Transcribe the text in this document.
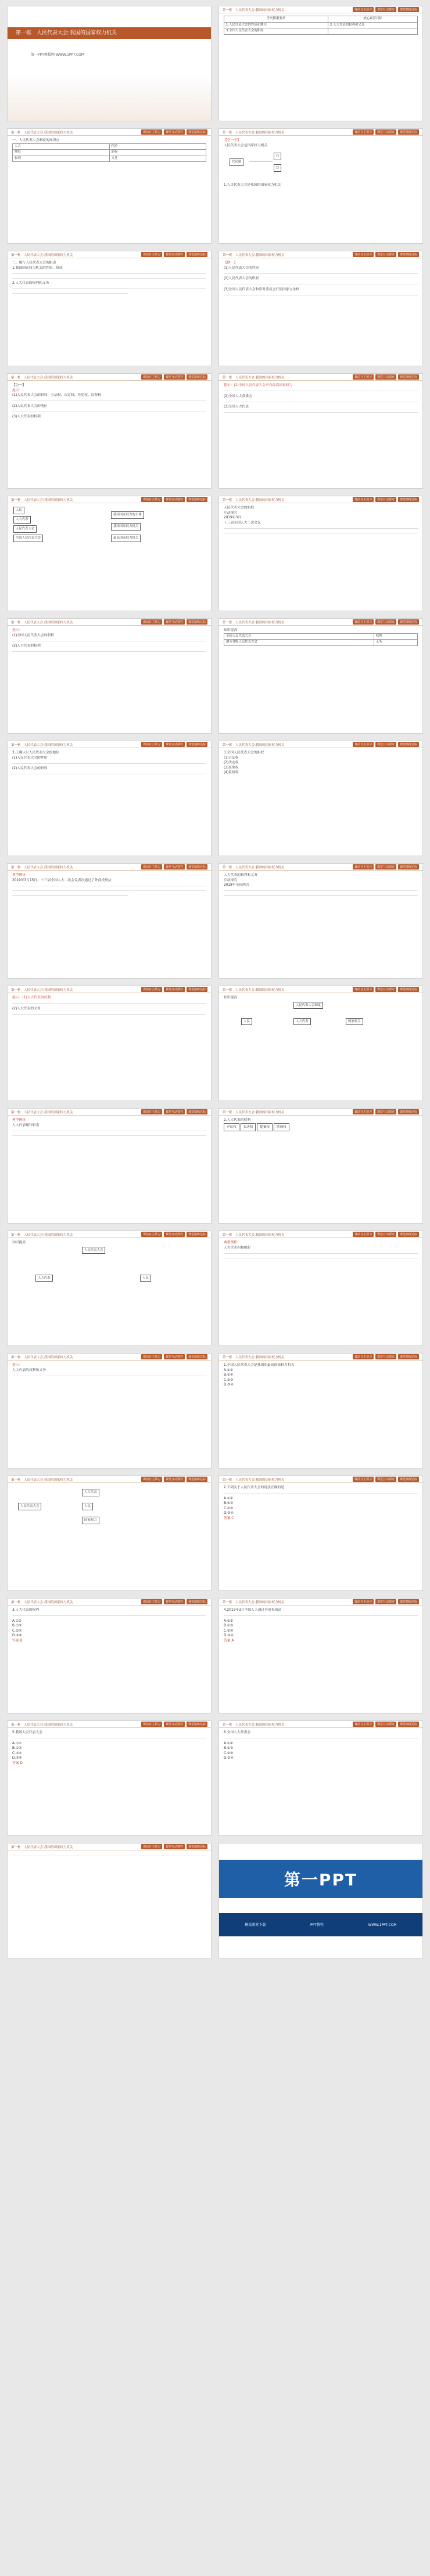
第一框　人民代表大会:我国的国家权力机关
第一PPT模板网-WWW.1PPT.COM
第一框　人民代表大会:我国的国家权力机关	课前自主预习	课堂互动探究	课堂演练达标
学史积累要求	核心素养目标
1.人民代表大会的性质和地位	2.人大代表的权利和义务
3.全国人民代表大会的职权	
第一框　人民代表大会:我国的国家权力机关	课前自主预习	课堂互动探究	课堂演练达标
一、人民代表大会制度的知识点
人大	性质
地位	职权
权利	义务
第一框　人民代表大会:我国的国家权力机关	课前自主预习	课堂互动探究	课堂演练达标
【学一学】
人民代表大会是国家权力机关
代议制
□
□
1.人民代表大会是我国的国家权力机关
第一框　人民代表大会:我国的国家权力机关	课前自主预习	课堂互动探究	课堂演练达标
二、履行人民代表大会的职责
1.我国国家权力机关的性质、组成
2.人大代表的权利和义务
第一框　人民代表大会:我国的国家权力机关	课前自主预习	课堂互动探究	课堂演练达标
【例一】
(1)人民代表大会的性质
(2)人民代表大会的职权
(3)全国人民代表大会和常务委员会行使国家立法权
第一框　人民代表大会:我国的国家权力机关	课前自主预习	课堂互动探究	课堂演练达标
【公一】
提示：
(1)人民代表大会的职权：立法权、决定权、任免权、监督权
(2)人民代表大会的地位
(3)人大代表的权利
第一框　人民代表大会:我国的国家权力机关	课前自主预习	课堂互动探究	课堂演练达标
提示：(1)全国人民代表大会享有最高国家权力
(2)全国人大常委会
(3)全国人大代表
第一框　人民代表大会:我国的国家权力机关	课前自主预习	课堂互动探究	课堂演练达标
人民
人大代表
人民代表大会
全国人民代表大会
我国国家权力的主体
我国国家权力机关
最高国家权力机关
第一框　人民代表大会:我国的国家权力机关	课前自主预习	课堂互动探究	课堂演练达标
人民代表大会的职权
互动探究
2019年3月
十三届全国人大二次会议
第一框　人民代表大会:我国的国家权力机关	课前自主预习	课堂互动探究	课堂演练达标
提示：
(1)全国人民代表大会的职权
(2)人大代表的权利
第一框　人民代表大会:我国的国家权力机关	课前自主预习	课堂互动探究	课堂演练达标
知识提高
全国人民代表大会	权利
地方各级人民代表大会	义务
第一框　人民代表大会:我国的国家权力机关	课前自主预习	课堂互动探究	课堂演练达标
2.正确认识人民代表大会的地位
(1)人民代表大会的性质
(2)人民代表大会的职权
第一框　人民代表大会:我国的国家权力机关	课前自主预习	课堂互动探究	课堂演练达标
3.全国人民代表大会的职权
(1)立法权
(2)决定权
(3)任免权
(4)监督权
第一框　人民代表大会:我国的国家权力机关	课前自主预习	课堂互动探究	课堂演练达标
典型例析
2019年3月15日，十三届全国人大二次会议表决通过了外商投资法
第一框　人民代表大会:我国的国家权力机关	课前自主预习	课堂互动探究	课堂演练达标
人大代表的权利和义务
互动探究
2018年全国两会
第一框　人民代表大会:我国的国家权力机关	课前自主预习	课堂互动探究	课堂演练达标
提示：(1)人大代表的权利
(2)人大代表的义务
第一框　人民代表大会:我国的国家权力机关	课前自主预习	课堂互动探究	课堂演练达标
知识提高
人民代表大会制度
人民	人大代表	国家机关
第一框　人民代表大会:我国的国家权力机关	课前自主预习	课堂互动探究	课堂演练达标
典型例析
人大代表履行职责
第一框　人民代表大会:我国的国家权力机关	课前自主预习	课堂互动探究	课堂演练达标
2.人大代表的权利
审议权 表决权 提案权 质询权
第一框　人民代表大会:我国的国家权力机关	课前自主预习	课堂互动探究	课堂演练达标
知识提高
人民代表大会
人大代表	人民
第一框　人民代表大会:我国的国家权力机关	课前自主预习	课堂互动探究	课堂演练达标
典型例析
人大代表积极履职
第一框　人民代表大会:我国的国家权力机关	课前自主预习	课堂互动探究	课堂演练达标
提示：
人大代表的权利和义务
第一框　人民代表大会:我国的国家权力机关	课前自主预习	课堂互动探究	课堂演练达标
1.全国人民代表大会是我国的最高国家权力机关
A.①②
B.①④
C.②③
D.③④
第一框　人民代表大会:我国的国家权力机关	课前自主预习	课堂互动探究	课堂演练达标
人民代表大会
人大代表
人民
国家权力
第一框　人民代表大会:我国的国家权力机关	课前自主预习	课堂互动探究	课堂演练达标
2.下列关于人民代表大会的说法正确的是
A.①②
B.①③
C.②④
D.③④
答案 C
第一框　人民代表大会:我国的国家权力机关	课前自主预习	课堂互动探究	课堂演练达标
3.人大代表的权利
A.①②
B.①③
C.②④
D.③④
答案 B
第一框　人民代表大会:我国的国家权力机关	课前自主预习	课堂互动探究	课堂演练达标
4.2019年3月全国人大通过外商投资法
A.①②
B.①③
C.②④
D.③④
答案 A
第一框　人民代表大会:我国的国家权力机关	课前自主预习	课堂互动探究	课堂演练达标
5.我国人民代表大会
A.①②
B.①③
C.②④
D.③④
答案 D
第一框　人民代表大会:我国的国家权力机关	课前自主预习	课堂互动探究	课堂演练达标
6.全国人大常委会
A.①②
B.①③
C.②④
D.③④
第一框　人民代表大会:我国的国家权力机关	课前自主预习	课堂互动探究	课堂演练达标
第一PPT
模板素材下载	PPT教程	WWW.1PPT.COM
